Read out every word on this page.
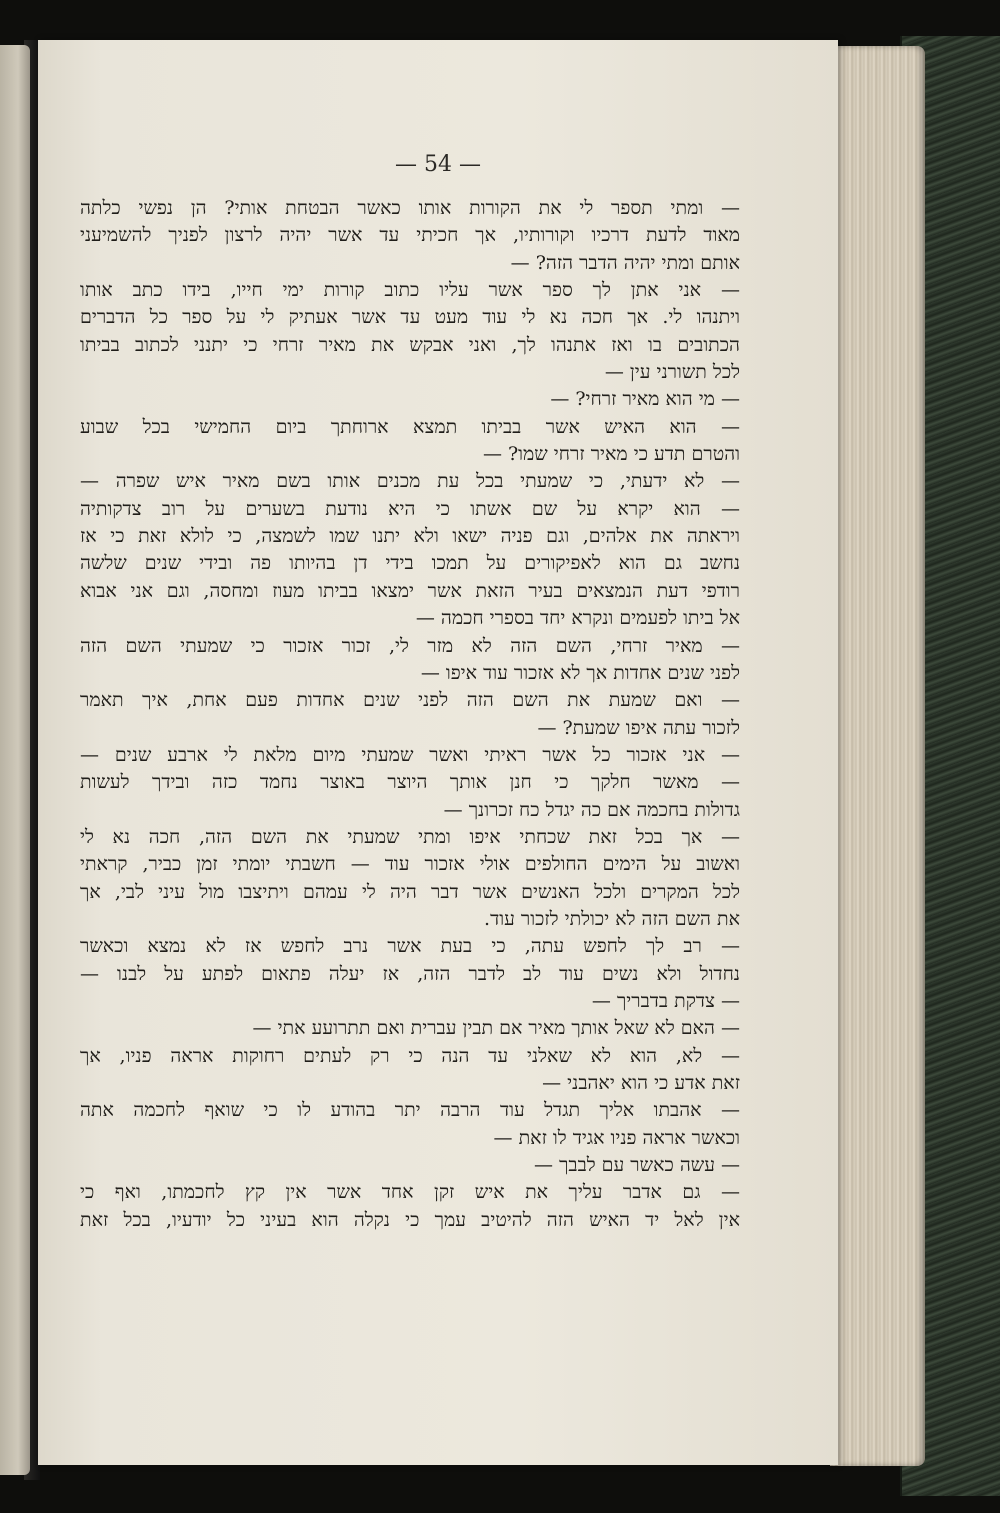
— 54 —
— ומתי תספר לי את הקורות אותו כאשר הבטחת אותי? הן נפשי כלתה
מאוד לדעת דרכיו וקורותיו, אך חכיתי עד אשר יהיה לרצון לפניך להשמיעני
אותם ומתי יהיה הדבר הזה? —
— אני אתן לך ספר אשר עליו כתוב קורות ימי חייו, בידו כתב אותו
ויתנהו לי. אך חכה נא לי עוד מעט עד אשר אעתיק לי על ספר כל הדברים
הכתובים בו ואז אתנהו לך, ואני אבקש את מאיר זרחי כי יתנני לכתוב בביתו
לכל תשורני עין —
— מי הוא מאיר זרחי? —
— הוא האיש אשר בביתו תמצא ארוחתך ביום החמישי בכל שבוע
והטרם תדע כי מאיר זרחי שמו? —
— לא ידעתי, כי שמעתי בכל עת מכנים אותו בשם מאיר איש שפרה —
— הוא יקרא על שם אשתו כי היא נודעת בשערים על רוב צדקותיה
ויראתה את אלהים, וגם פניה ישאו ולא יתנו שמו לשמצה, כי לולא זאת כי אז
נחשב גם הוא לאפיקורים על תמכו בידי דן בהיותו פה ובידי שנים שלשה
רודפי דעת הנמצאים בעיר הזאת אשר ימצאו בביתו מעוז ומחסה, וגם אני אבוא
אל ביתו לפעמים ונקרא יחד בספרי חכמה —
— מאיר זרחי, השם הזה לא מזר לי, זכור אזכור כי שמעתי השם הזה
לפני שנים אחדות אך לא אזכור עוד איפו —
— ואם שמעת את השם הזה לפני שנים אחדות פעם אחת, איך תאמר
לזכור עתה איפו שמעת? —
— אני אזכור כל אשר ראיתי ואשר שמעתי מיום מלאת לי ארבע שנים —
— מאשר חלקך כי חנן אותך היוצר באוצר נחמד כזה ובידך לעשות
גדולות בחכמה אם כה יגדל כח זכרונך —
— אך בכל זאת שכחתי איפו ומתי שמעתי את השם הזה, חכה נא לי
ואשוב על הימים החולפים אולי אזכור עוד — חשבתי יומתי זמן כביר, קראתי
לכל המקרים ולכל האנשים אשר דבר היה לי עמהם ויתיצבו מול עיני לבי, אך
את השם הזה לא יכולתי לזכור עוד.
— רב לך לחפש עתה, כי בעת אשר נרב לחפש אז לא נמצא וכאשר
נחדול ולא נשים עוד לב לדבר הזה, אז יעלה פתאום לפתע על לבנו —
— צדקת בדבריך —
— האם לא שאל אותך מאיר אם תבין עברית ואם תתרועע אתי —
— לא, הוא לא שאלני עד הנה כי רק לעתים רחוקות אראה פניו, אך
זאת אדע כי הוא יאהבני —
— אהבתו אליך תגדל עוד הרבה יתר בהודע לו כי שואף לחכמה אתה
וכאשר אראה פניו אגיד לו זאת —
— עשה כאשר עם לבבך —
— גם אדבר עליך את איש זקן אחד אשר אין קץ לחכמתו, ואף כי
אין לאל יד האיש הזה להיטיב עמך כי נקלה הוא בעיני כל יודעיו, בכל זאת
